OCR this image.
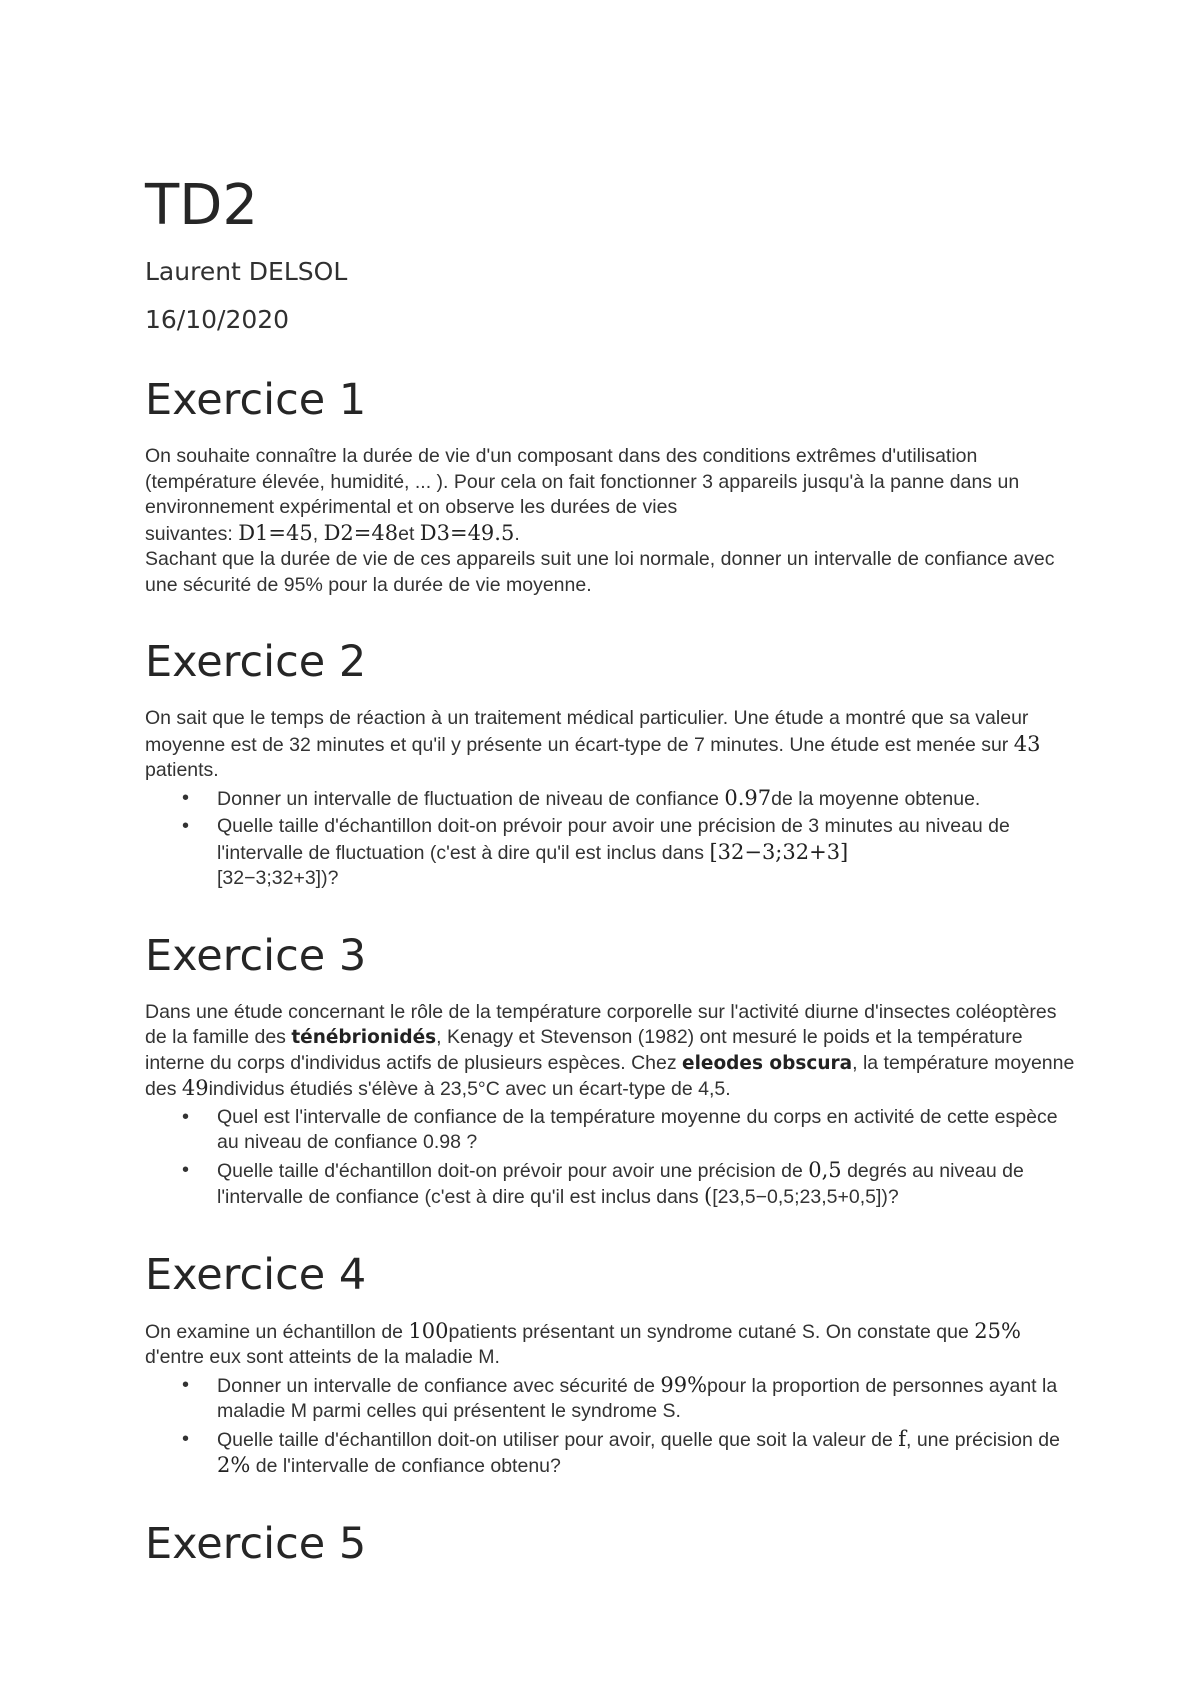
TD2
Laurent DELSOL
16/10/2020
Exercice 1

On souhaite connaître la durée de vie d'un composant dans des conditions extrêmes d'utilisation (température élevée, humidité, ... ). Pour cela on fait fonctionner 3 appareils jusqu'à la panne dans un environnement expérimental et on observe les durées de vies
suivantes: D1=45, D2=48et D3=49.5.

Sachant que la durée de vie de ces appareils suit une loi normale, donner un intervalle de confiance avec une sécurité de 95% pour la durée de vie moyenne.

Exercice 2

On sait que le temps de réaction à un traitement médical particulier. Une étude a montré que sa valeur moyenne est de 32 minutes et qu'il y présente un écart-type de 7 minutes. Une étude est menée sur 43 patients.

• Donner un intervalle de fluctuation de niveau de confiance 0.97de la moyenne obtenue.
• Quelle taille d'échantillon doit-on prévoir pour avoir une précision de 3 minutes au niveau de l'intervalle de fluctuation (c'est à dire qu'il est inclus dans [32−3;32+3]
[32−3;32+3])?
Exercice 3

Dans une étude concernant le rôle de la température corporelle sur l'activité diurne d'insectes coléoptères de la famille des ténébrionidés, Kenagy et Stevenson (1982) ont mesuré le poids et la température interne du corps d'individus actifs de plusieurs espèces. Chez eleodes obscura, la température moyenne des 49individus étudiés s'élève à 23,5°C avec un écart-type de 4,5.

• Quel est l'intervalle de confiance de la température moyenne du corps en activité de cette espèce au niveau de confiance 0.98 ?
• Quelle taille d'échantillon doit-on prévoir pour avoir une précision de 0,5 degrés au niveau de l'intervalle de confiance (c'est à dire qu'il est inclus dans ([23,5−0,5;23,5+0,5])?
Exercice 4

On examine un échantillon de 100patients présentant un syndrome cutané S. On constate que 25% d'entre eux sont atteints de la maladie M.

• Donner un intervalle de confiance avec sécurité de 99%pour la proportion de personnes ayant la maladie M parmi celles qui présentent le syndrome S.
• Quelle taille d'échantillon doit-on utiliser pour avoir, quelle que soit la valeur de f, une précision de 2% de l'intervalle de confiance obtenu?
Exercice 5
